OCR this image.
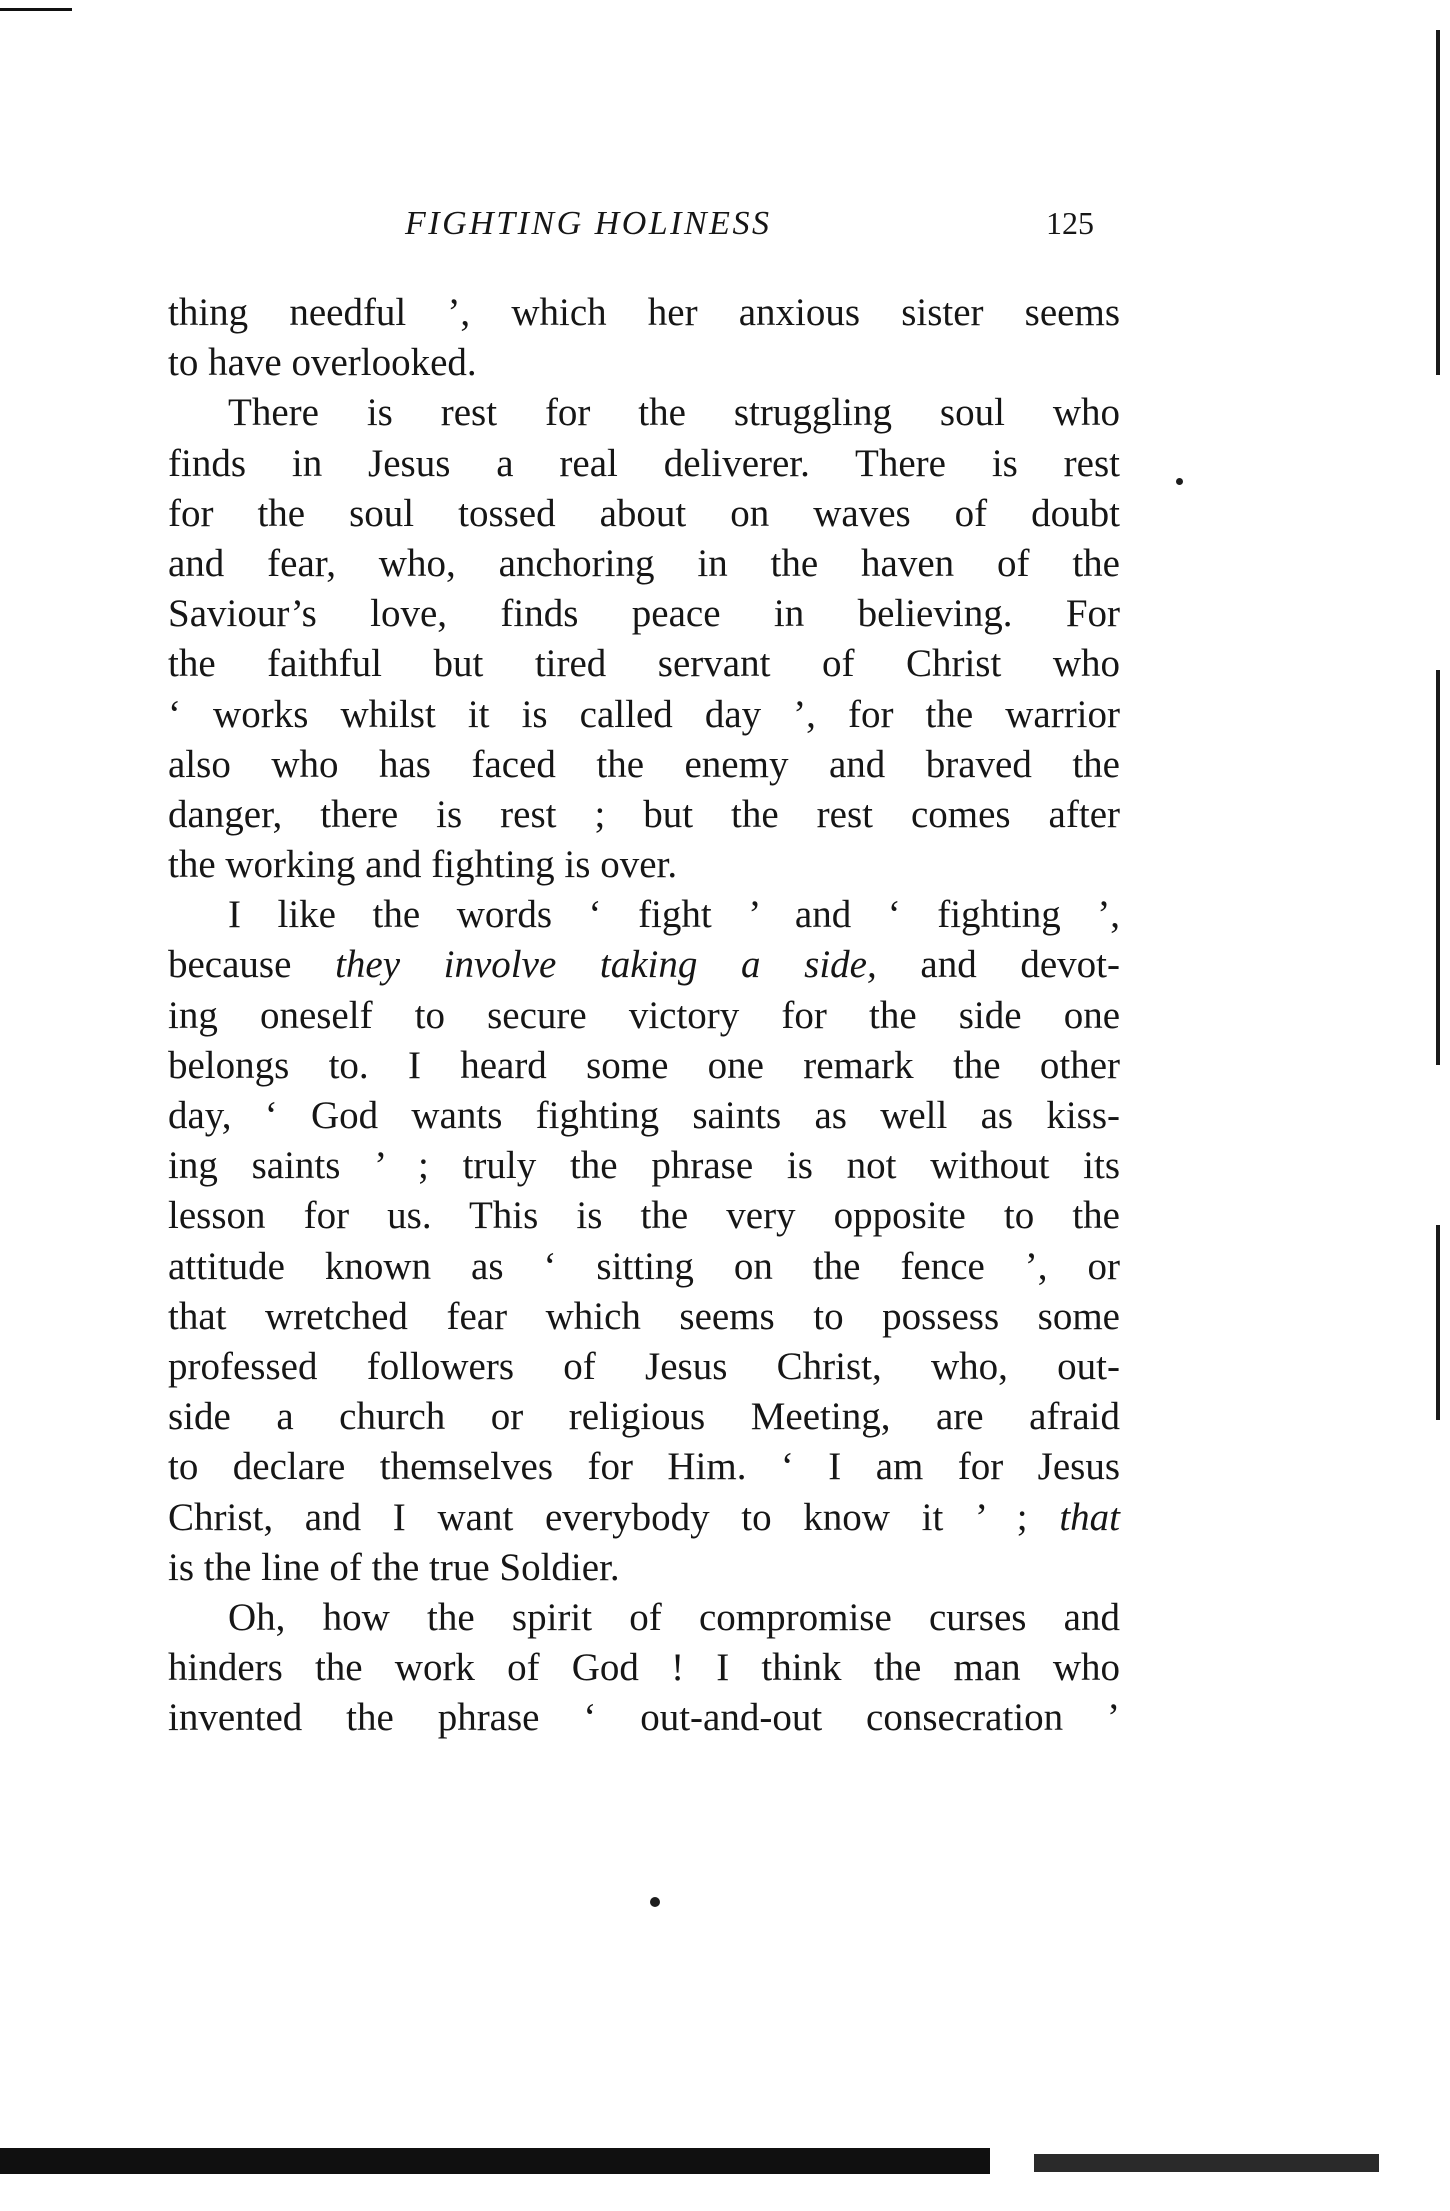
FIGHTING HOLINESS	125
thing needful ’, which her anxious sister seems
to have overlooked.
There is rest for the struggling soul who
finds in Jesus a real deliverer. There is rest
for the soul tossed about on waves of doubt
and fear, who, anchoring in the haven of the
Saviour’s love, finds peace in believing. For
the faithful but tired servant of Christ who
‘ works whilst it is called day ’, for the warrior
also who has faced the enemy and braved the
danger, there is rest ; but the rest comes after
the working and fighting is over.
I like the words ‘ fight ’ and ‘ fighting ’,
because they involve taking a side, and devot-
ing oneself to secure victory for the side one
belongs to. I heard some one remark the other
day, ‘ God wants fighting saints as well as kiss-
ing saints ’ ; truly the phrase is not without its
lesson for us. This is the very opposite to the
attitude known as ‘ sitting on the fence ’, or
that wretched fear which seems to possess some
professed followers of Jesus Christ, who, out-
side a church or religious Meeting, are afraid
to declare themselves for Him. ‘ I am for Jesus
Christ, and I want everybody to know it ’ ; that
is the line of the true Soldier.
Oh, how the spirit of compromise curses and
hinders the work of God ! I think the man who
invented the phrase ‘ out-and-out consecration ’
